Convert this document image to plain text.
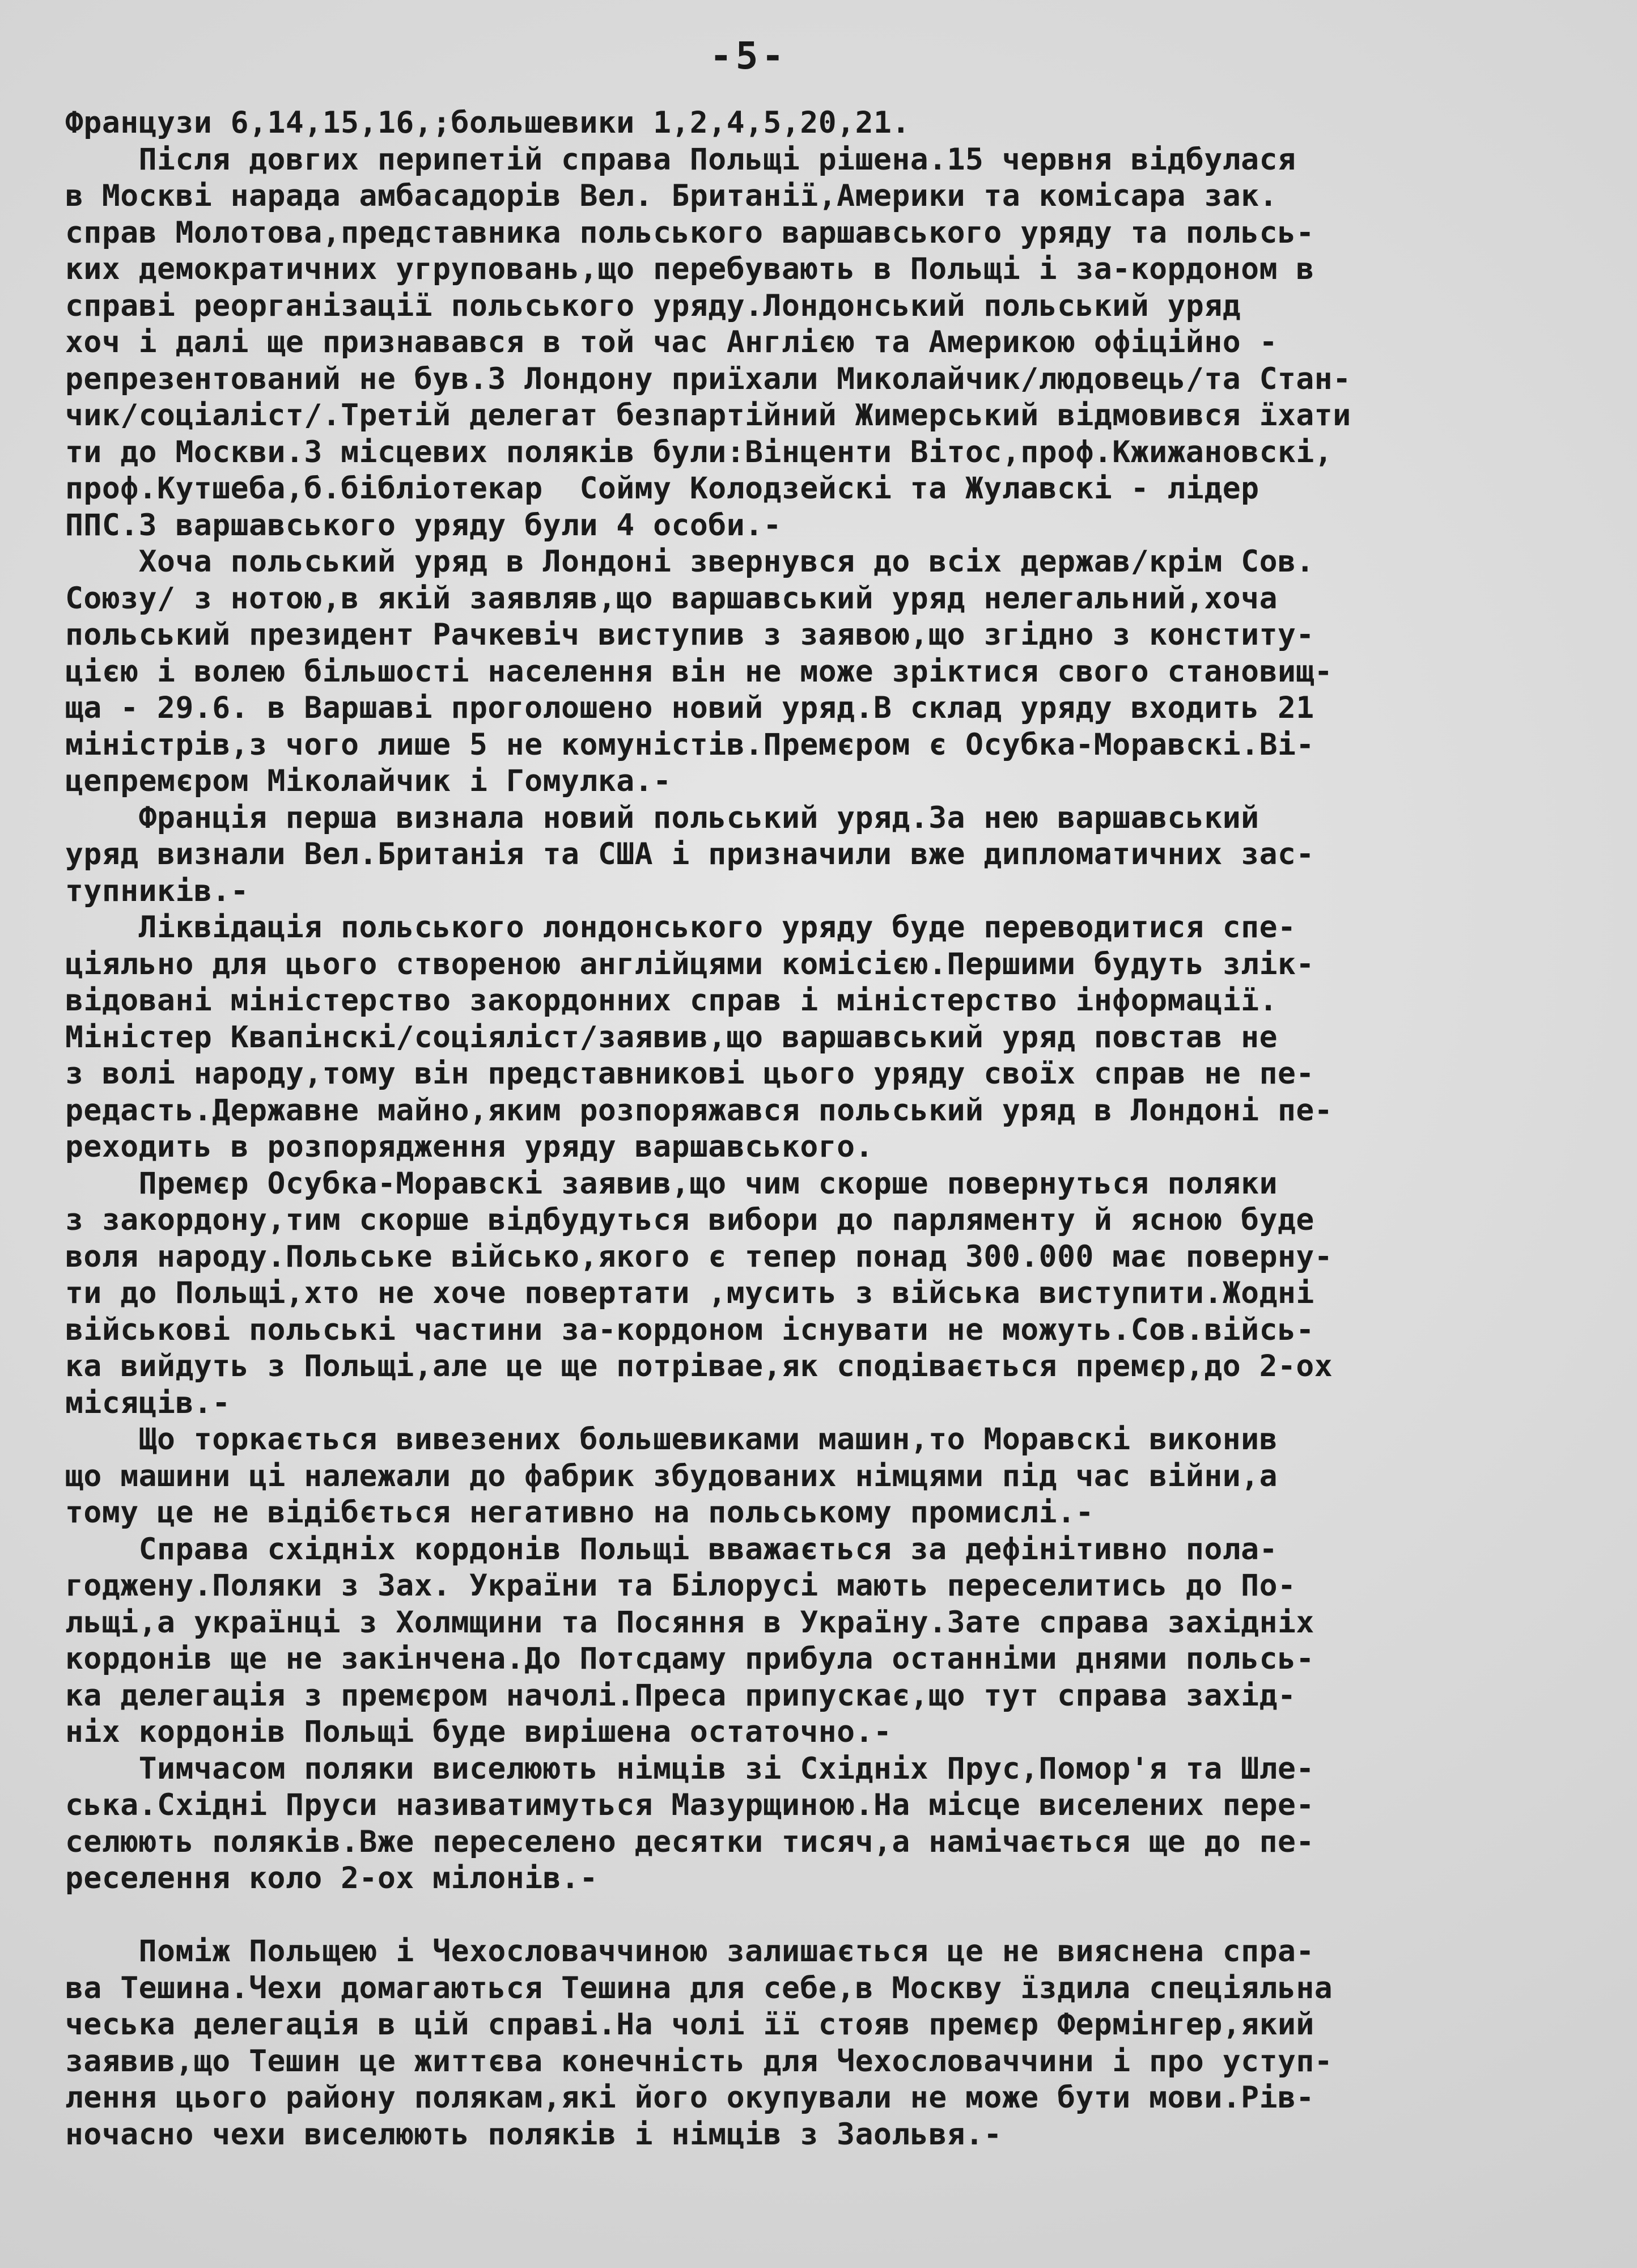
-5-
Французи 6,14,15,16,;большевики 1,2,4,5,20,21.
Після довгих перипетій справа Польщі рішена.15 червня відбулася
в Москві нарада амбасадорів Вел. Британії,Америки та комісара зак.
справ Молотова,представника польського варшавського уряду та польсь-
ких демократичних угруповань,що перебувають в Польщі і за-кордоном в
справі реорганізації польського уряду.Лондонський польський уряд
хоч і далі ще признавався в той час Англією та Америкою офіційно -
репрезентований не був.З Лондону приїхали Миколайчик/людовець/та Стан-
чик/соціаліст/.Третій делегат безпартійний Жимерський відмовився їхати
ти до Москви.З місцевих поляків були:Вінценти Вітос,проф.Кжижановскі,
проф.Кутшеба,б.бібліотекар  Сойму Колодзейскі та Жулавскі - лідер
ППС.З варшавського уряду були 4 особи.-
Хоча польський уряд в Лондоні звернувся до всіх держав/крім Сов.
Союзу/ з нотою,в якій заявляв,що варшавський уряд нелегальний,хоча
польський президент Рачкевіч виступив з заявою,що згідно з конститу-
цією і волею більшості населення він не може зріктися свого становищ-
ща - 29.6. в Варшаві проголошено новий уряд.В склад уряду входить 21
міністрів,з чого лише 5 не комуністів.Премєром є Осубка-Моравскі.Ві-
цепремєром Міколайчик і Гомулка.-
Франція перша визнала новий польський уряд.За нею варшавський
уряд визнали Вел.Британія та США і призначили вже дипломатичних зас-
тупників.-
Ліквідація польського лондонського уряду буде переводитися спе-
ціяльно для цього створеною англійцями комісією.Першими будуть злік-
відовані міністерство закордонних справ і міністерство інформації.
Міністер Квапінскі/соціяліст/заявив,що варшавський уряд повстав не
з волі народу,тому він представникові цього уряду своїх справ не пе-
редасть.Державне майно,яким розпоряжався польський уряд в Лондоні пе-
реходить в розпорядження уряду варшавського.
Премєр Осубка-Моравскі заявив,що чим скорше повернуться поляки
з закордону,тим скорше відбудуться вибори до парляменту й ясною буде
воля народу.Польське військо,якого є тепер понад 300.000 має поверну-
ти до Польщі,хто не хоче повертати ,мусить з війська виступити.Жодні
військові польські частини за-кордоном існувати не можуть.Сов.війсь-
ка вийдуть з Польщі,але це ще потрівае,як сподівається премєр,до 2-ох
місяців.-
Що торкається вивезених большевиками машин,то Моравскі виконив
що машини ці належали до фабрик збудованих німцями під час війни,а
тому це не відібється негативно на польському промислі.-
Справа східніх кордонів Польщі вважається за дефінітивно пола-
годжену.Поляки з Зах. України та Білорусі мають переселитись до По-
льщі,а українці з Холмщини та Посяння в Україну.Зате справа західніх
кордонів ще не закінчена.До Потсдаму прибула останніми днями польсь-
ка делегація з премєром начолі.Преса припускає,що тут справа захід-
ніх кордонів Польщі буде вирішена остаточно.-
Тимчасом поляки виселюють німців зі Східніх Прус,Помор'я та Шле-
ська.Східні Пруси називатимуться Мазурщиною.На місце виселених пере-
селюють поляків.Вже переселено десятки тисяч,а намічається ще до пе-
реселення коло 2-ох мілонів.-
Поміж Польщею і Чехословаччиною залишається це не вияснена спра-
ва Тешина.Чехи домагаються Тешина для себе,в Москву їздила спеціяльна
чеська делегація в цій справі.На чолі її стояв премєр Фермінгер,який
заявив,що Тешин це життєва конечність для Чехословаччини і про уступ-
лення цього району полякам,які його окупували не може бути мови.Рів-
ночасно чехи виселюють поляків і німців з Заольвя.-
